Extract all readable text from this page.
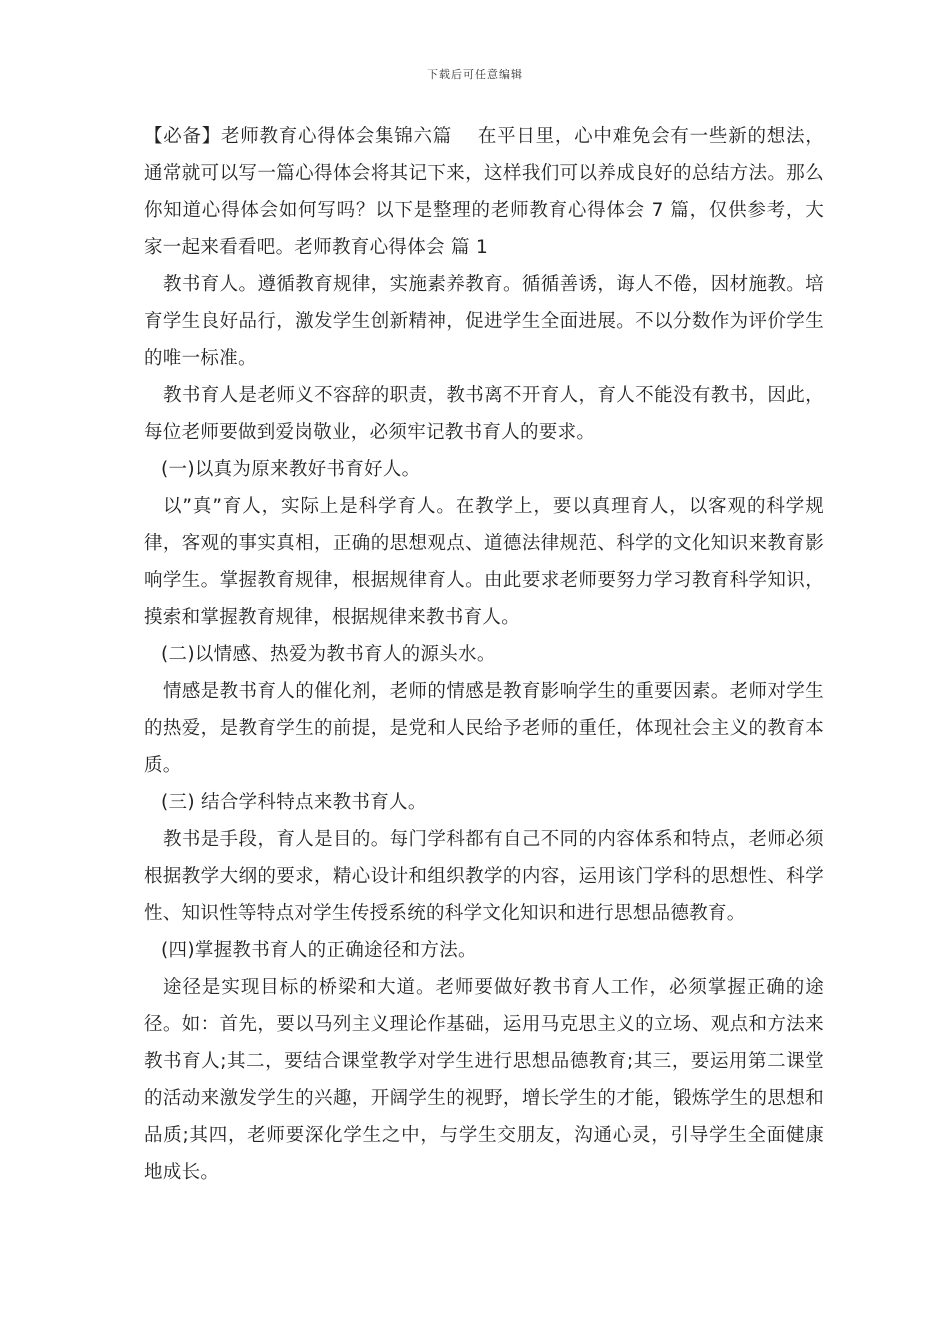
下载后可任意编辑

【必备】老师教育心得体会集锦六篇　 在平日里，心中难免会有一些新的想法，通常就可以写一篇心得体会将其记下来，这样我们可以养成良好的总结方法。那么你知道心得体会如何写吗？以下是整理的老师教育心得体会 7 篇，仅供参考，大家一起来看看吧。老师教育心得体会 篇 1

教书育人。遵循教育规律，实施素养教育。循循善诱，诲人不倦，因材施教。培育学生良好品行，激发学生创新精神，促进学生全面进展。不以分数作为评价学生的唯一标准。

教书育人是老师义不容辞的职责，教书离不开育人，育人不能没有教书，因此，每位老师要做到爱岗敬业，必须牢记教书育人的要求。

(一)以真为原来教好书育好人。

以”真”育人，实际上是科学育人。在教学上，要以真理育人，以客观的科学规律，客观的事实真相，正确的思想观点、道德法律规范、科学的文化知识来教育影响学生。掌握教育规律，根据规律育人。由此要求老师要努力学习教育科学知识，摸索和掌握教育规律，根据规律来教书育人。

(二)以情感、热爱为教书育人的源头水。

情感是教书育人的催化剂，老师的情感是教育影响学生的重要因素。老师对学生的热爱，是教育学生的前提，是党和人民给予老师的重任，体现社会主义的教育本质。

(三) 结合学科特点来教书育人。

教书是手段，育人是目的。每门学科都有自己不同的内容体系和特点，老师必须根据教学大纲的要求，精心设计和组织教学的内容，运用该门学科的思想性、科学性、知识性等特点对学生传授系统的科学文化知识和进行思想品德教育。

(四)掌握教书育人的正确途径和方法。

途径是实现目标的桥梁和大道。老师要做好教书育人工作，必须掌握正确的途径。如：首先，要以马列主义理论作基础，运用马克思主义的立场、观点和方法来教书育人;其二，要结合课堂教学对学生进行思想品德教育;其三，要运用第二课堂的活动来激发学生的兴趣，开阔学生的视野，增长学生的才能，锻炼学生的思想和品质;其四，老师要深化学生之中，与学生交朋友，沟通心灵，引导学生全面健康地成长。
